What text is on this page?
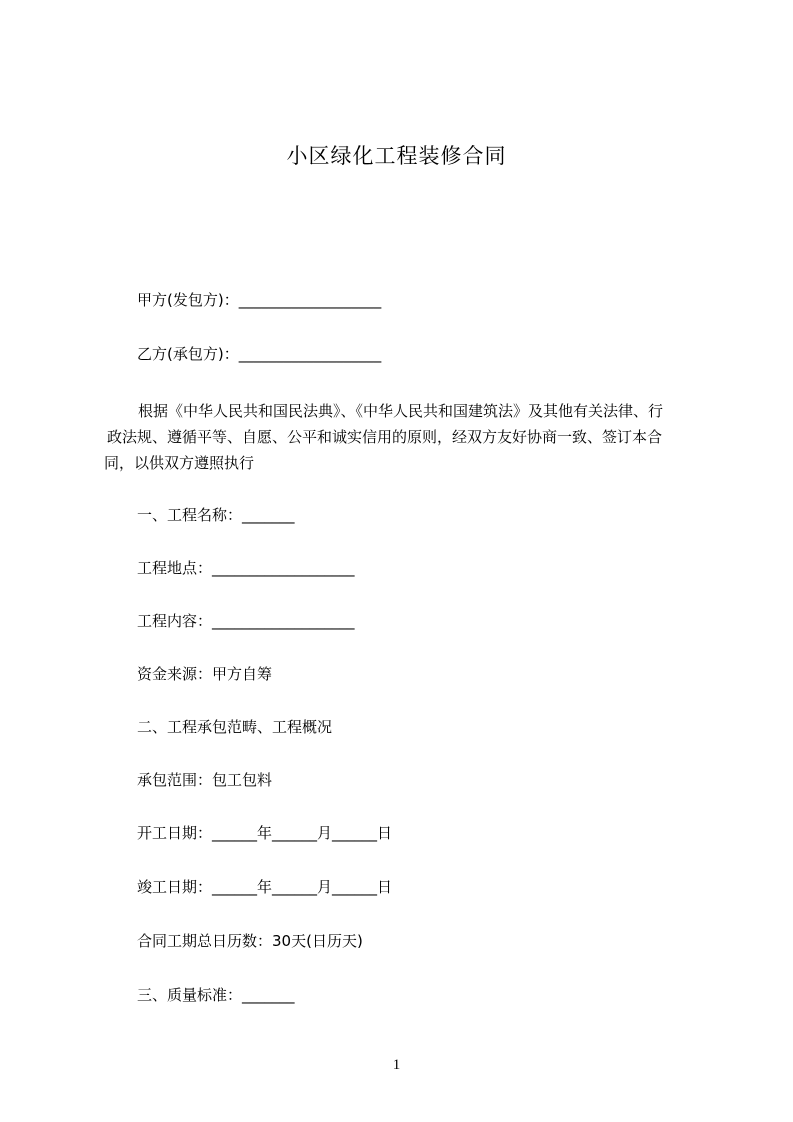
小区绿化工程装修合同
甲方(发包方)：___________________
乙方(承包方)：___________________
根据《中华人民共和国民法典》、《中华人民共和国建筑法》及其他有关法律、行
政法规、遵循平等、自愿、公平和诚实信用的原则，经双方友好协商一致、签订本合
同，以供双方遵照执行
一、工程名称：_______
工程地点：___________________
工程内容：___________________
资金来源：甲方自筹
二、工程承包范畴、工程概况
承包范围：包工包料
开工日期：______年______月______日
竣工日期：______年______月______日
合同工期总日历数：30天(日历天)
三、质量标准：_______
1
